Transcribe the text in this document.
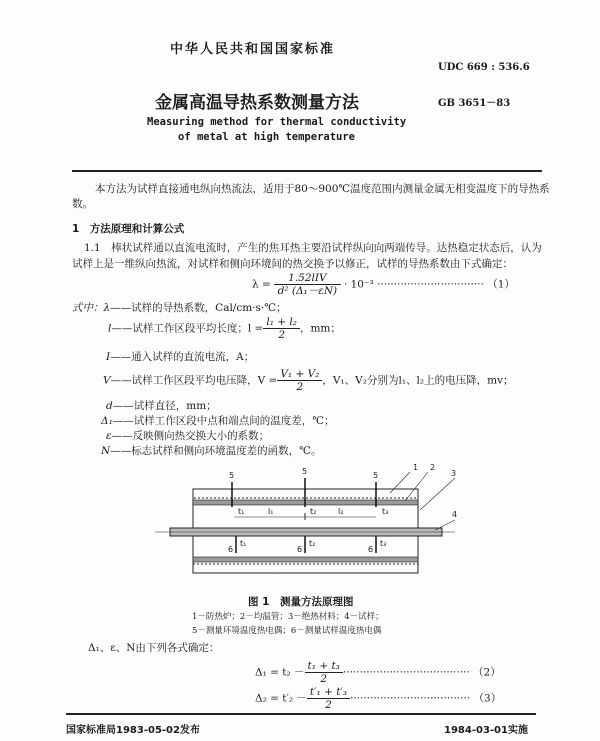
中华人民共和国国家标准
UDC 669 : 536.6
金属高温导热系数测量方法	GB 3651－83
Measuring method for thermal conductivity
of metal at high temperature
本方法为试样直接通电纵向热流法，适用于80～900℃温度范围内测量金属无相变温度下的导热系
数。
1　方法原理和计算公式
1.1　棒状试样通以直流电流时，产生的焦耳热主要沿试样纵向向两端传导。达热稳定状态后，认为
试样上是一维纵向热流，对试样和侧向环境间的热交换予以修正，试样的导热系数由下式确定：
$\lambda = \frac{\text{1.52lIV}}{\text{d² (Δ₁－εN)}} \cdot 10^{-3}$ ································ （1）
式中：λ——试样的导热系数，Cal/cm·s·℃；
l——试样工作区段平均长度；$l = \frac{\text{l₁ + l₂}}{2}$ ，mm；
I——通入试样的直流电流，A；
V——试样工作区段平均电压降，$V = \frac{\text{V₁ + V₂}}{2}$ ，V₁、V₂分别为l₁、l₂上的电压降，mv；
d——试样直径，mm；
Δ₁——试样工作区段中点和端点间的温度差，℃；
ε——反映侧向热交换大小的系数；
N——标志试样和侧向环境温度差的函数，℃。
1 2
3
4
5	5	5
6	6	6
t₁	t₂	t₃
l₁	l₂
t₁	t₂	t₃
图 1　测量方法原理图
1－防热炉；2－均温管；3－绝热材料；4－试样；
5－测量环境温度热电偶；6－测量试样温度热电偶
Δ₁、ε、N由下列各式确定：
$\Delta_1 = t_2 - \frac{\text{t₁ + t₃}}{2}$ ······································ （2）
$\Delta_2 = t'_2 - \frac{\text{t′₁ + t′₃}}{2}$ ···································· （3）
国家标准局1983-05-02发布	1984-03-01实施
